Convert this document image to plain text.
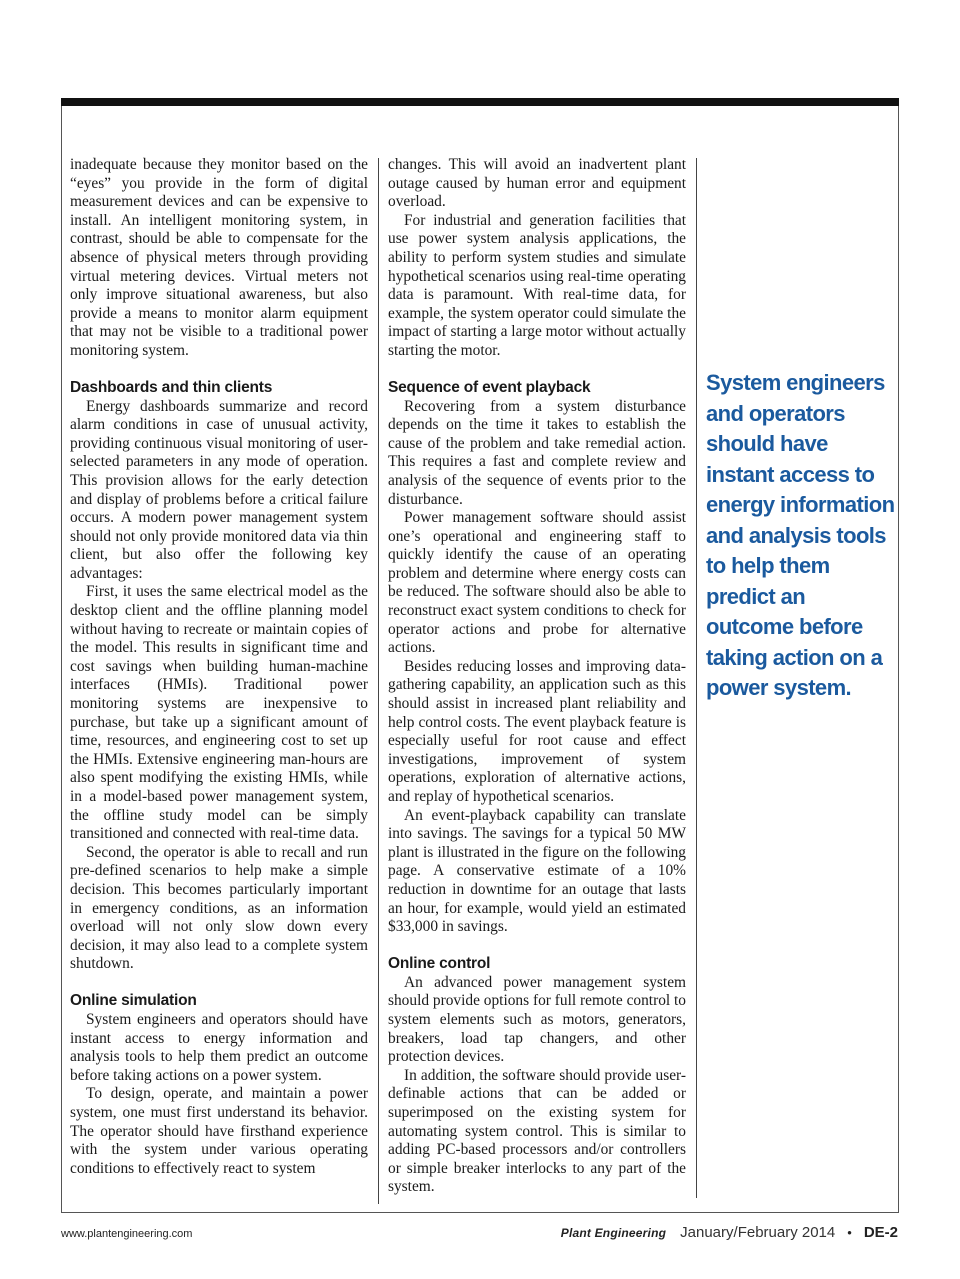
inadequate because they monitor based on the “eyes” you provide in the form of digital measurement devices and can be expensive to install. An intelligent monitoring system, in contrast, should be able to compensate for the absence of physical meters through providing virtual metering devices. Virtual meters not only improve situational awareness, but also provide a means to monitor alarm equipment that may not be visible to a traditional power monitoring system.

Dashboards and thin clients

Energy dashboards summarize and record alarm conditions in case of unusual activity, providing continuous visual monitoring of user-selected parameters in any mode of operation. This provision allows for the early detection and display of problems before a critical failure occurs. A modern power management system should not only provide monitored data via thin client, but also offer the following key advantages:

First, it uses the same electrical model as the desktop client and the offline planning model without having to recreate or maintain copies of the model. This results in significant time and cost savings when building human-machine interfaces (HMIs). Traditional power monitoring systems are inexpensive to purchase, but take up a significant amount of time, resources, and engineering cost to set up the HMIs. Extensive engineering man-hours are also spent modifying the existing HMIs, while in a model-based power management system, the offline study model can be simply transitioned and connected with real-time data.

Second, the operator is able to recall and run pre-defined scenarios to help make a simple decision. This becomes particularly important in emergency conditions, as an information overload will not only slow down every decision, it may also lead to a complete system shutdown.

Online simulation

System engineers and operators should have instant access to energy information and analysis tools to help them predict an outcome before taking actions on a power system.

To design, operate, and maintain a power system, one must first understand its behavior. The operator should have firsthand experience with the system under various operating conditions to effectively react to system

changes. This will avoid an inadvertent plant outage caused by human error and equipment overload.

For industrial and generation facilities that use power system analysis applications, the ability to perform system studies and simulate hypothetical scenarios using real-time operating data is paramount. With real-time data, for example, the system operator could simulate the impact of starting a large motor without actually starting the motor.

Sequence of event playback

Recovering from a system disturbance depends on the time it takes to establish the cause of the problem and take remedial action. This requires a fast and complete review and analysis of the sequence of events prior to the disturbance.

Power management software should assist one’s operational and engineering staff to quickly identify the cause of an operating problem and determine where energy costs can be reduced. The software should also be able to reconstruct exact system conditions to check for operator actions and probe for alternative actions.

Besides reducing losses and improving data-gathering capability, an application such as this should assist in increased plant reliability and help control costs. The event playback feature is especially useful for root cause and effect investigations, improvement of system operations, exploration of alternative actions, and replay of hypothetical scenarios.

An event-playback capability can translate into savings. The savings for a typical 50 MW plant is illustrated in the figure on the following page. A conservative estimate of a 10% reduction in downtime for an outage that lasts an hour, for example, would yield an estimated $33,000 in savings.

Online control

An advanced power management system should provide options for full remote control to system elements such as motors, generators, breakers, load tap changers, and other protection devices.

In addition, the software should provide user-definable actions that can be added or superimposed on the existing system for automating system control. This is similar to adding PC-based processors and/or controllers or simple breaker interlocks to any part of the system.

System engineers and operators should have instant access to energy information and analysis tools to help them predict an outcome before taking action on a power system.
www.plantengineering.com	Plant Engineering January/February 2014 • DE-2
